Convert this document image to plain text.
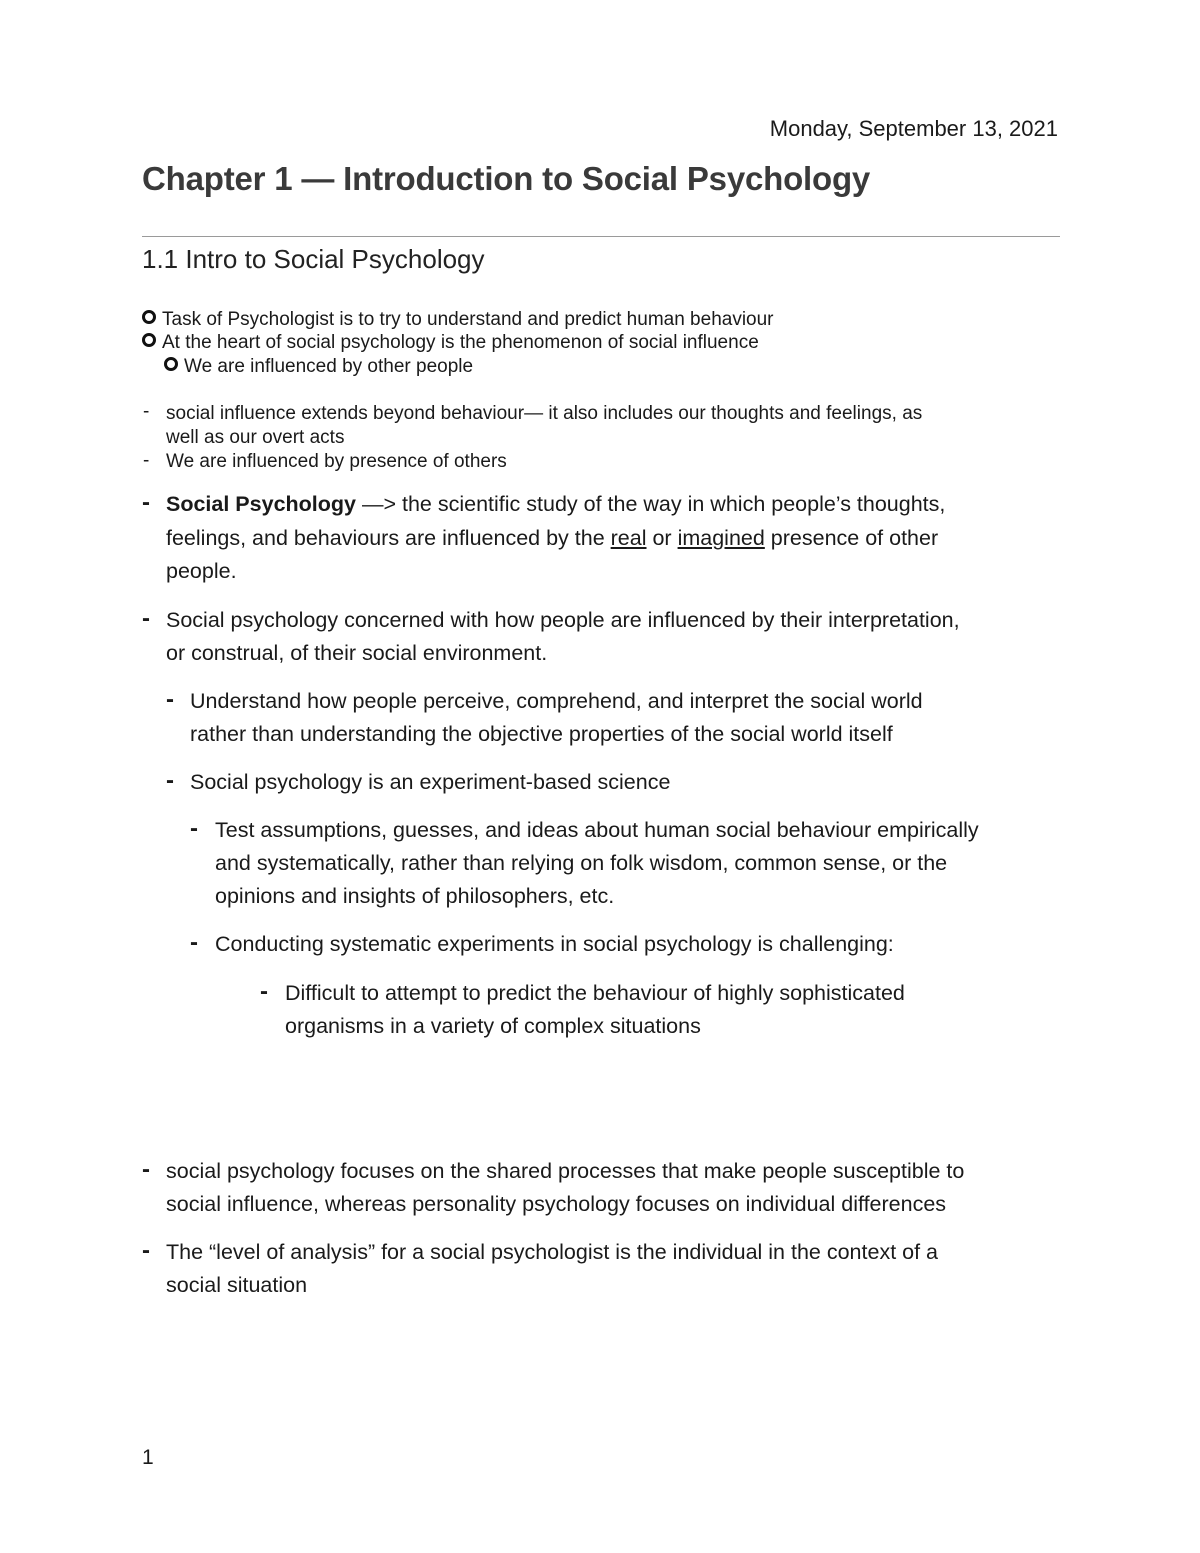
Monday, September 13, 2021
Chapter 1 — Introduction to Social Psychology
1.1 Intro to Social Psychology
Task of Psychologist is to try to understand and predict human behaviour
At the heart of social psychology is the phenomenon of social influence
We are influenced by other people
- social influence extends beyond behaviour— it also includes our thoughts and feelings, as
well as our overt acts
- We are influenced by presence of others
- Social Psychology —> the scientific study of the way in which people’s thoughts,
feelings, and behaviours are influenced by the real or imagined presence of other
people.
- Social psychology concerned with how people are influenced by their interpretation,
or construal, of their social environment.
- Understand how people perceive, comprehend, and interpret the social world
rather than understanding the objective properties of the social world itself
- Social psychology is an experiment-based science
- Test assumptions, guesses, and ideas about human social behaviour empirically
and systematically, rather than relying on folk wisdom, common sense, or the
opinions and insights of philosophers, etc.
- Conducting systematic experiments in social psychology is challenging:
- Difficult to attempt to predict the behaviour of highly sophisticated
organisms in a variety of complex situations
- social psychology focuses on the shared processes that make people susceptible to
social influence, whereas personality psychology focuses on individual differences
- The “level of analysis” for a social psychologist is the individual in the context of a
social situation
1
